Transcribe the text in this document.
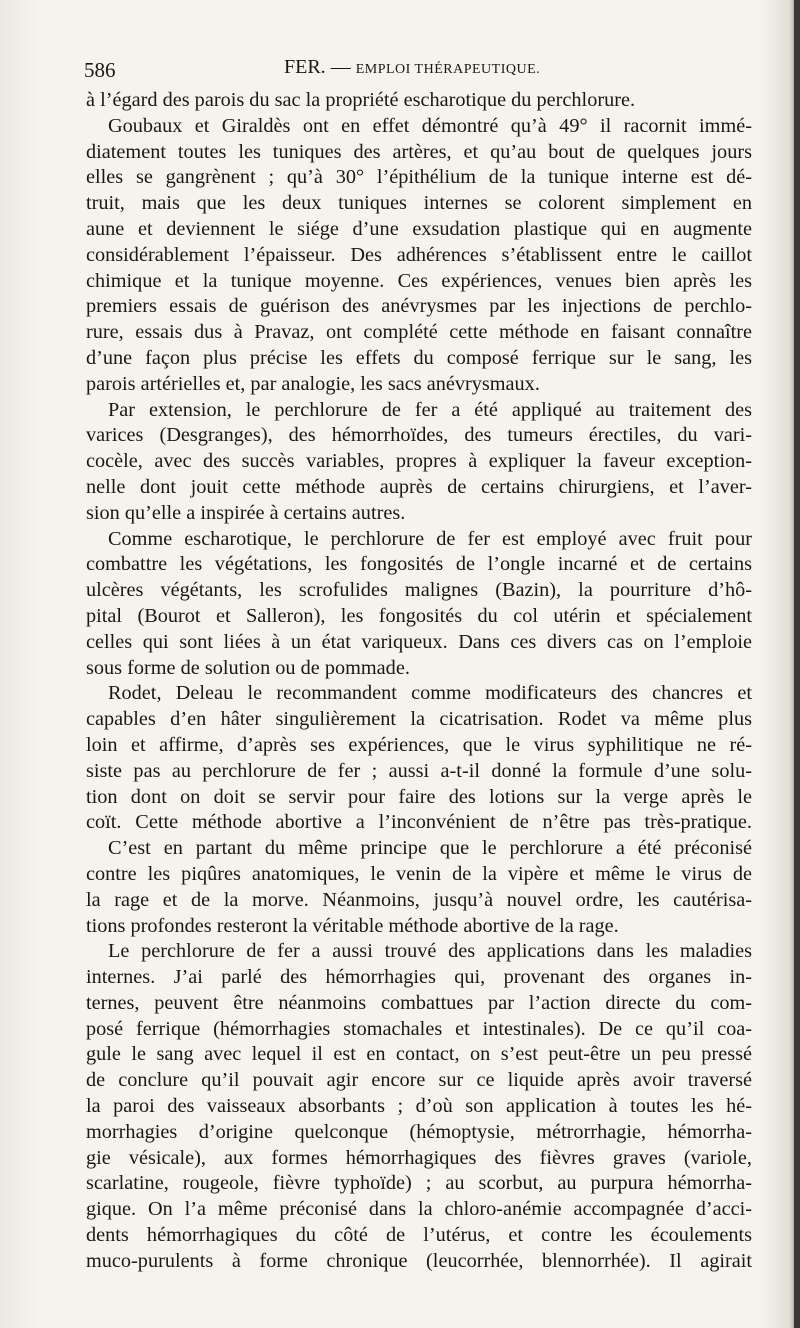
586	FER. — EMPLOI THÉRAPEUTIQUE.
à l’égard des parois du sac la propriété escharotique du perchlorure.
Goubaux et Giraldès ont en effet démontré qu’à 49° il racornit immé-
diatement toutes les tuniques des artères, et qu’au bout de quelques jours
elles se gangrènent ; qu’à 30° l’épithélium de la tunique interne est dé-
truit, mais que les deux tuniques internes se colorent simplement en
aune et deviennent le siége d’une exsudation plastique qui en augmente
considérablement l’épaisseur. Des adhérences s’établissent entre le caillot
chimique et la tunique moyenne. Ces expériences, venues bien après les
premiers essais de guérison des anévrysmes par les injections de perchlo-
rure, essais dus à Pravaz, ont complété cette méthode en faisant connaître
d’une façon plus précise les effets du composé ferrique sur le sang, les
parois artérielles et, par analogie, les sacs anévrysmaux.
Par extension, le perchlorure de fer a été appliqué au traitement des
varices (Desgranges), des hémorrhoïdes, des tumeurs érectiles, du vari-
cocèle, avec des succès variables, propres à expliquer la faveur exception-
nelle dont jouit cette méthode auprès de certains chirurgiens, et l’aver-
sion qu’elle a inspirée à certains autres.
Comme escharotique, le perchlorure de fer est employé avec fruit pour
combattre les végétations, les fongosités de l’ongle incarné et de certains
ulcères végétants, les scrofulides malignes (Bazin), la pourriture d’hô-
pital (Bourot et Salleron), les fongosités du col utérin et spécialement
celles qui sont liées à un état variqueux. Dans ces divers cas on l’emploie
sous forme de solution ou de pommade.
Rodet, Deleau le recommandent comme modificateurs des chancres et
capables d’en hâter singulièrement la cicatrisation. Rodet va même plus
loin et affirme, d’après ses expériences, que le virus syphilitique ne ré-
siste pas au perchlorure de fer ; aussi a-t-il donné la formule d’une solu-
tion dont on doit se servir pour faire des lotions sur la verge après le
coït. Cette méthode abortive a l’inconvénient de n’être pas très-pratique.
C’est en partant du même principe que le perchlorure a été préconisé
contre les piqûres anatomiques, le venin de la vipère et même le virus de
la rage et de la morve. Néanmoins, jusqu’à nouvel ordre, les cautérisa-
tions profondes resteront la véritable méthode abortive de la rage.
Le perchlorure de fer a aussi trouvé des applications dans les maladies
internes. J’ai parlé des hémorrhagies qui, provenant des organes in-
ternes, peuvent être néanmoins combattues par l’action directe du com-
posé ferrique (hémorrhagies stomachales et intestinales). De ce qu’il coa-
gule le sang avec lequel il est en contact, on s’est peut-être un peu pressé
de conclure qu’il pouvait agir encore sur ce liquide après avoir traversé
la paroi des vaisseaux absorbants ; d’où son application à toutes les hé-
morrhagies d’origine quelconque (hémoptysie, métrorrhagie, hémorrha-
gie vésicale), aux formes hémorrhagiques des fièvres graves (variole,
scarlatine, rougeole, fièvre typhoïde) ; au scorbut, au purpura hémorrha-
gique. On l’a même préconisé dans la chloro-anémie accompagnée d’acci-
dents hémorrhagiques du côté de l’utérus, et contre les écoulements
muco-purulents à forme chronique (leucorrhée, blennorrhée). Il agirait
